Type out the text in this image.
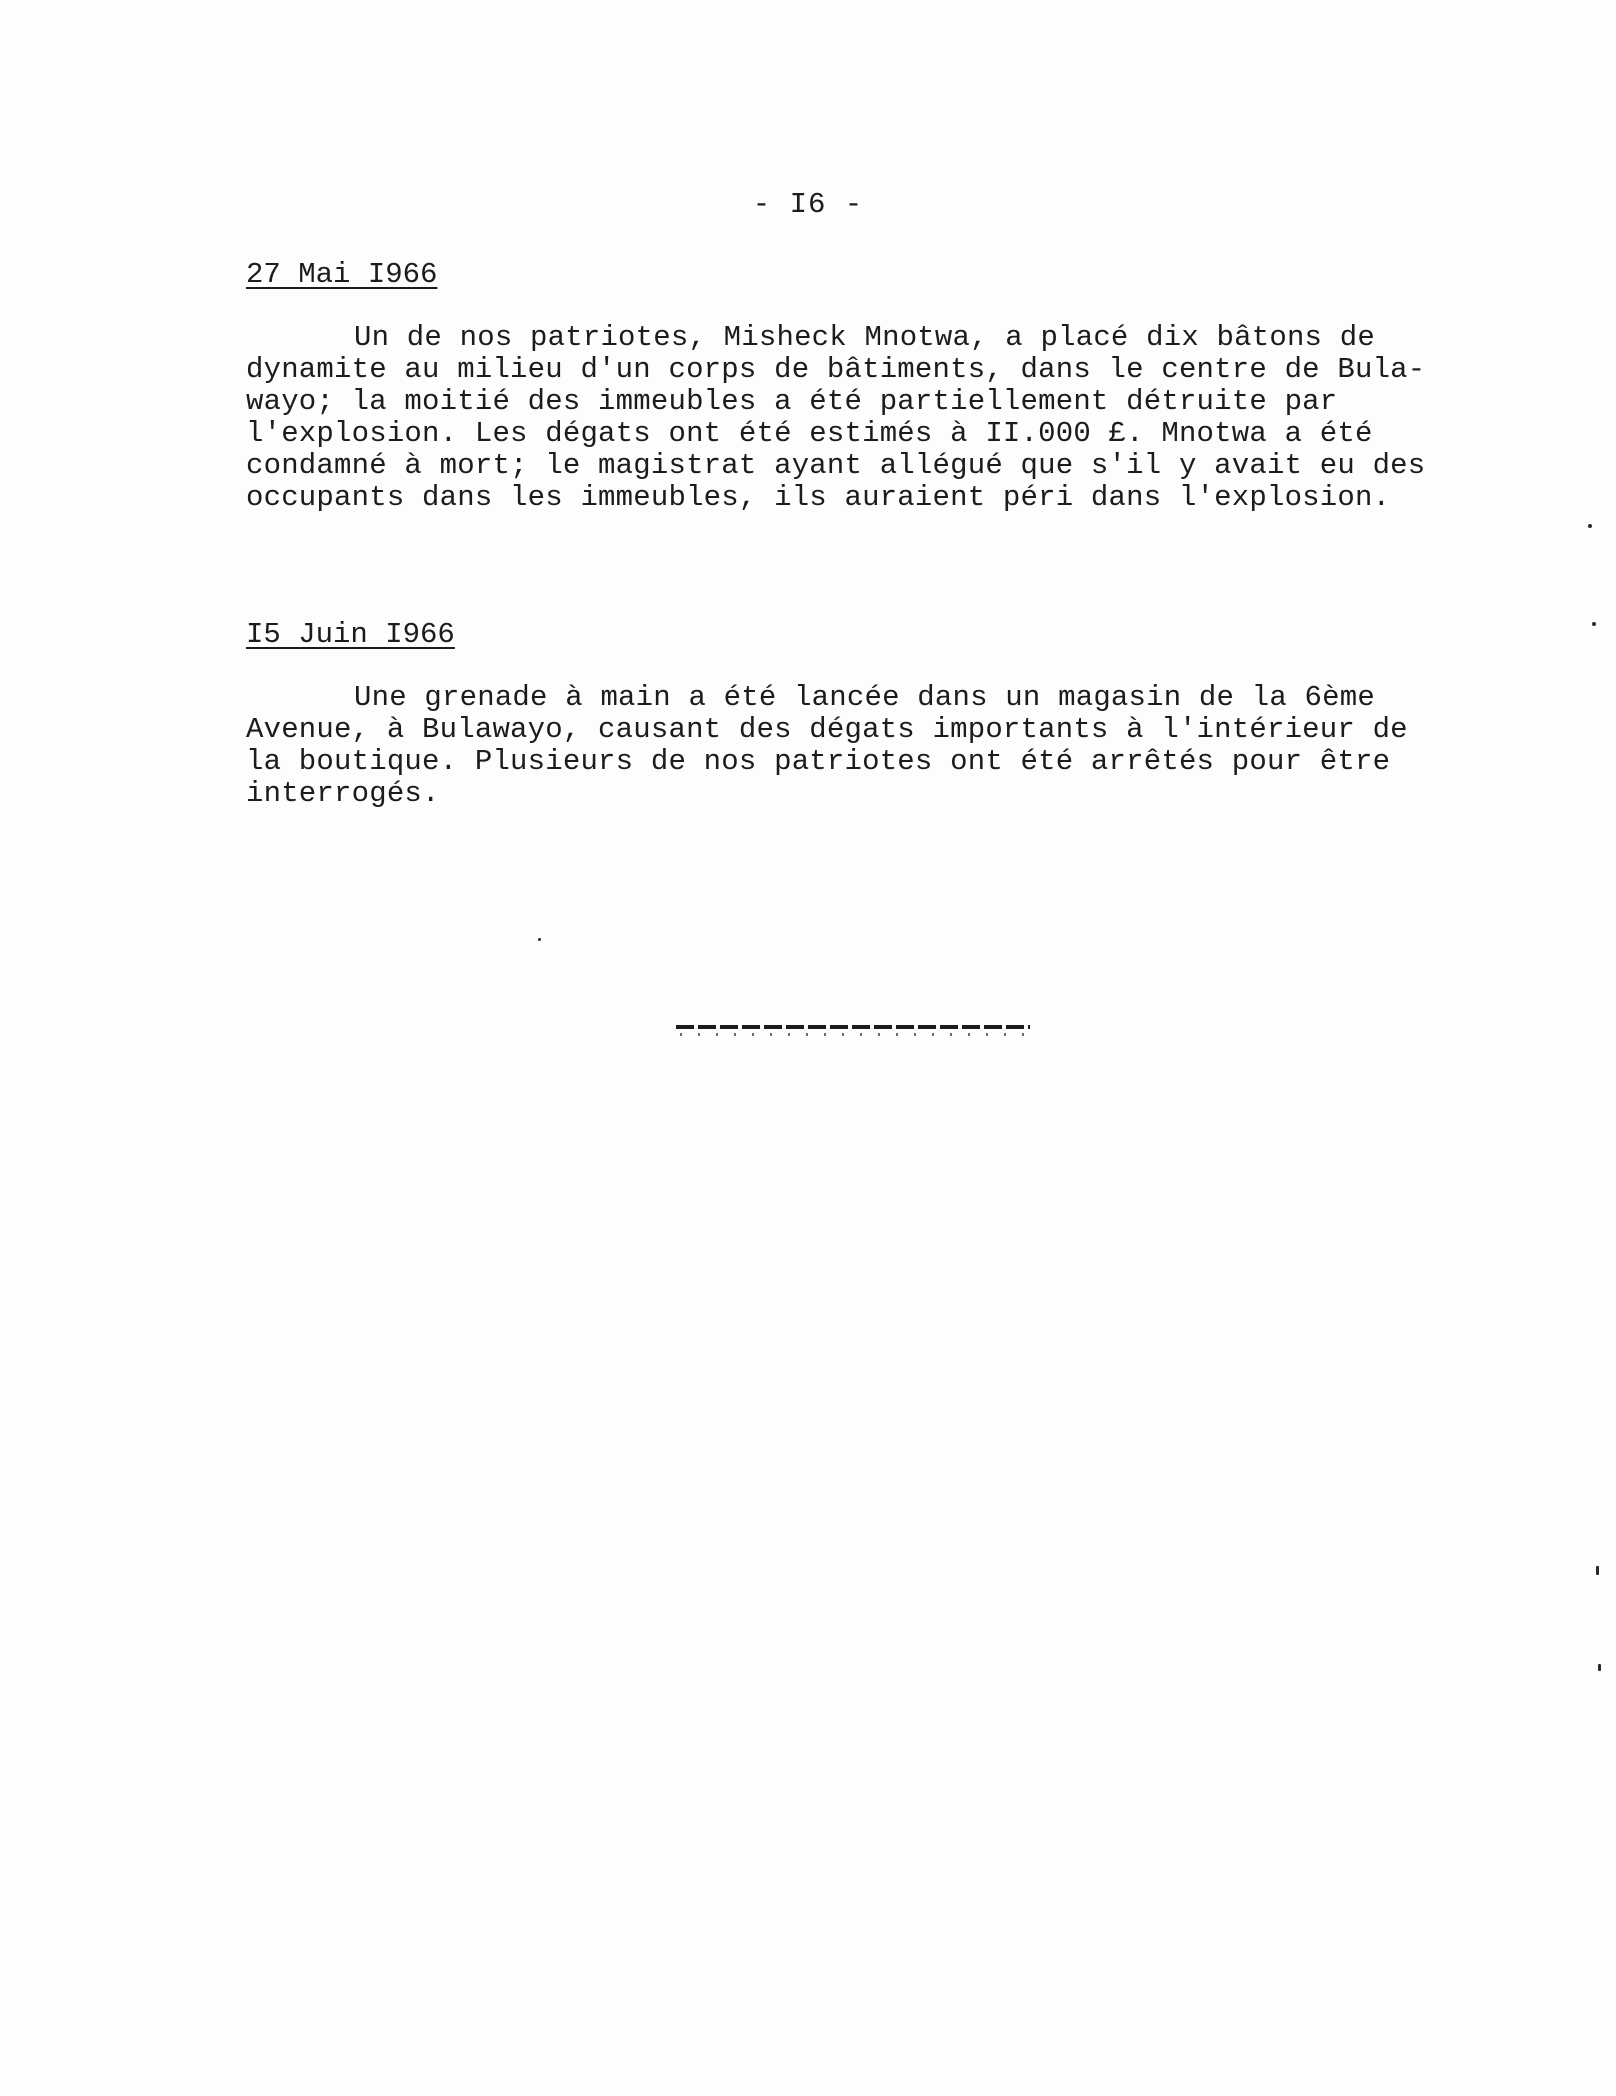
- I6 -
27 Mai I966
Un de nos patriotes, Misheck Mnotwa, a placé dix bâtons de
dynamite au milieu d'un corps de bâtiments, dans le centre de Bula-
wayo; la moitié des immeubles a été partiellement détruite par
l'explosion. Les dégats ont été estimés à II.000 £. Mnotwa a été
condamné à mort; le magistrat ayant allégué que s'il y avait eu des
occupants dans les immeubles, ils auraient péri dans l'explosion.
I5 Juin I966
Une grenade à main a été lancée dans un magasin de la 6ème
Avenue, à Bulawayo, causant des dégats importants à l'intérieur de
la boutique. Plusieurs de nos patriotes ont été arrêtés pour être
interrogés.
